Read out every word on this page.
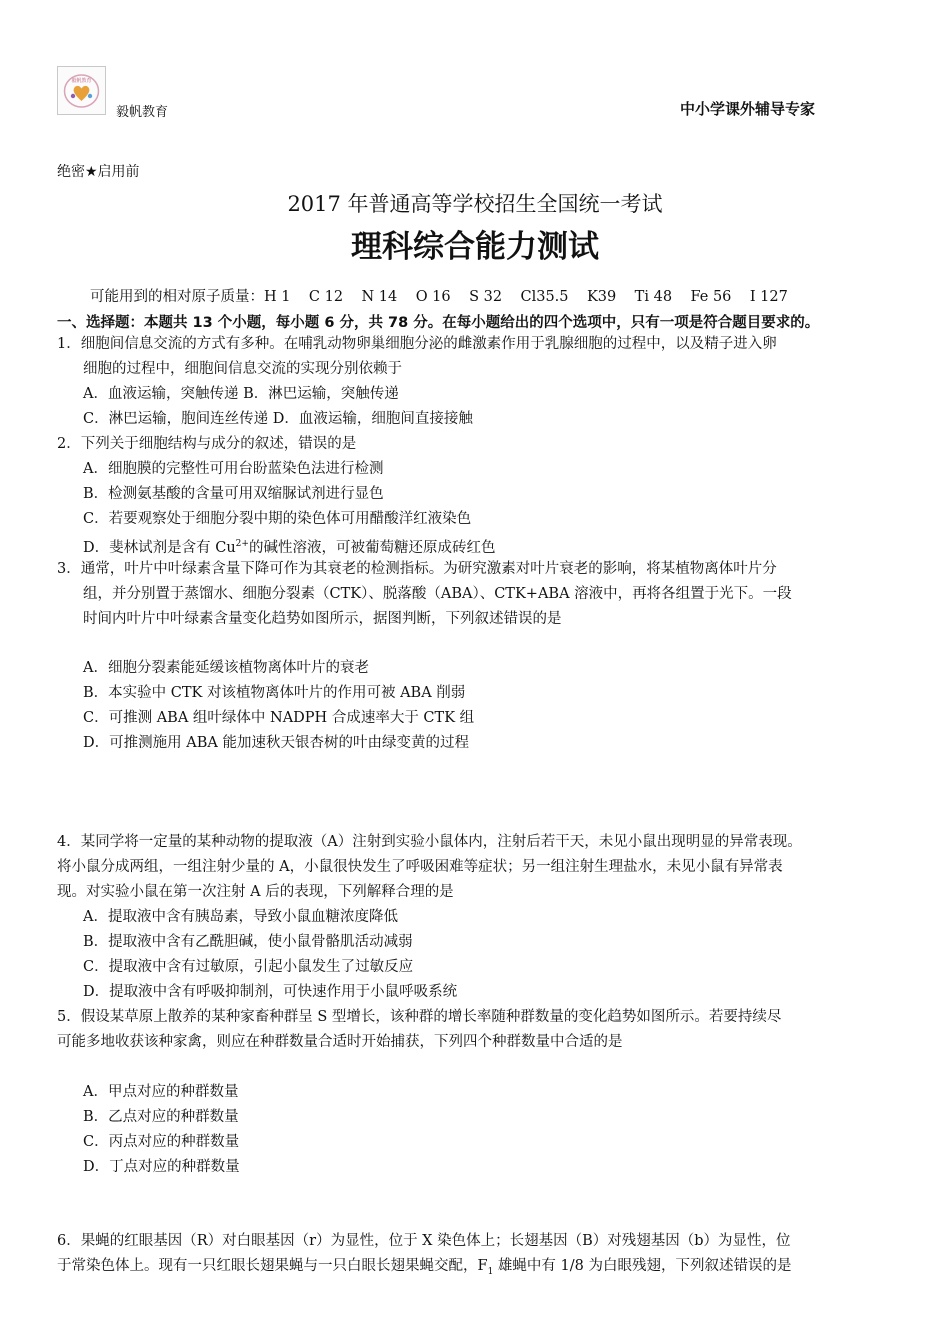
毅帆教育
毅帆教育	中小学课外辅导专家
绝密★启用前
2017 年普通高等学校招生全国统一考试
理科综合能力测试
可能用到的相对原子质量：H 1    C 12    N 14    O 16    S 32    Cl35.5    K39    Ti 48    Fe 56    I 127
一、选择题：本题共 13 个小题，每小题 6 分，共 78 分。在每小题给出的四个选项中，只有一项是符合题目要求的。
1．细胞间信息交流的方式有多种。在哺乳动物卵巢细胞分泌的雌激素作用于乳腺细胞的过程中，以及精子进入卵
细胞的过程中，细胞间信息交流的实现分别依赖于
A．血液运输，突触传递 B．淋巴运输，突触传递
C．淋巴运输，胞间连丝传递 D．血液运输，细胞间直接接触
2．下列关于细胞结构与成分的叙述，错误的是
A．细胞膜的完整性可用台盼蓝染色法进行检测
B．检测氨基酸的含量可用双缩脲试剂进行显色
C．若要观察处于细胞分裂中期的染色体可用醋酸洋红液染色
D．斐林试剂是含有 $Cu^{2+}$的碱性溶液，可被葡萄糖还原成砖红色
3．通常，叶片中叶绿素含量下降可作为其衰老的检测指标。为研究激素对叶片衰老的影响，将某植物离体叶片分
组，并分别置于蒸馏水、细胞分裂素（CTK）、脱落酸（ABA）、CTK+ABA 溶液中，再将各组置于光下。一段
时间内叶片中叶绿素含量变化趋势如图所示，据图判断，下列叙述错误的是
A．细胞分裂素能延缓该植物离体叶片的衰老
B．本实验中 CTK 对该植物离体叶片的作用可被 ABA 削弱
C．可推测 ABA 组叶绿体中 NADPH 合成速率大于 CTK 组
D．可推测施用 ABA 能加速秋天银杏树的叶由绿变黄的过程
4．某同学将一定量的某种动物的提取液（A）注射到实验小鼠体内，注射后若干天，未见小鼠出现明显的异常表现。
将小鼠分成两组，一组注射少量的 A，小鼠很快发生了呼吸困难等症状；另一组注射生理盐水，未见小鼠有异常表
现。对实验小鼠在第一次注射 A 后的表现，下列解释合理的是
A．提取液中含有胰岛素，导致小鼠血糖浓度降低
B．提取液中含有乙酰胆碱，使小鼠骨骼肌活动减弱
C．提取液中含有过敏原，引起小鼠发生了过敏反应
D．提取液中含有呼吸抑制剂，可快速作用于小鼠呼吸系统
5．假设某草原上散养的某种家畜种群呈 S 型增长，该种群的增长率随种群数量的变化趋势如图所示。若要持续尽
可能多地收获该种家禽，则应在种群数量合适时开始捕获，下列四个种群数量中合适的是
A．甲点对应的种群数量
B．乙点对应的种群数量
C．丙点对应的种群数量
D．丁点对应的种群数量
6．果蝇的红眼基因（R）对白眼基因（r）为显性，位于 X 染色体上；长翅基因（B）对残翅基因（b）为显性，位
于常染色体上。现有一只红眼长翅果蝇与一只白眼长翅果蝇交配，$F_1$ 雄蝇中有 1/8 为白眼残翅，下列叙述错误的是
